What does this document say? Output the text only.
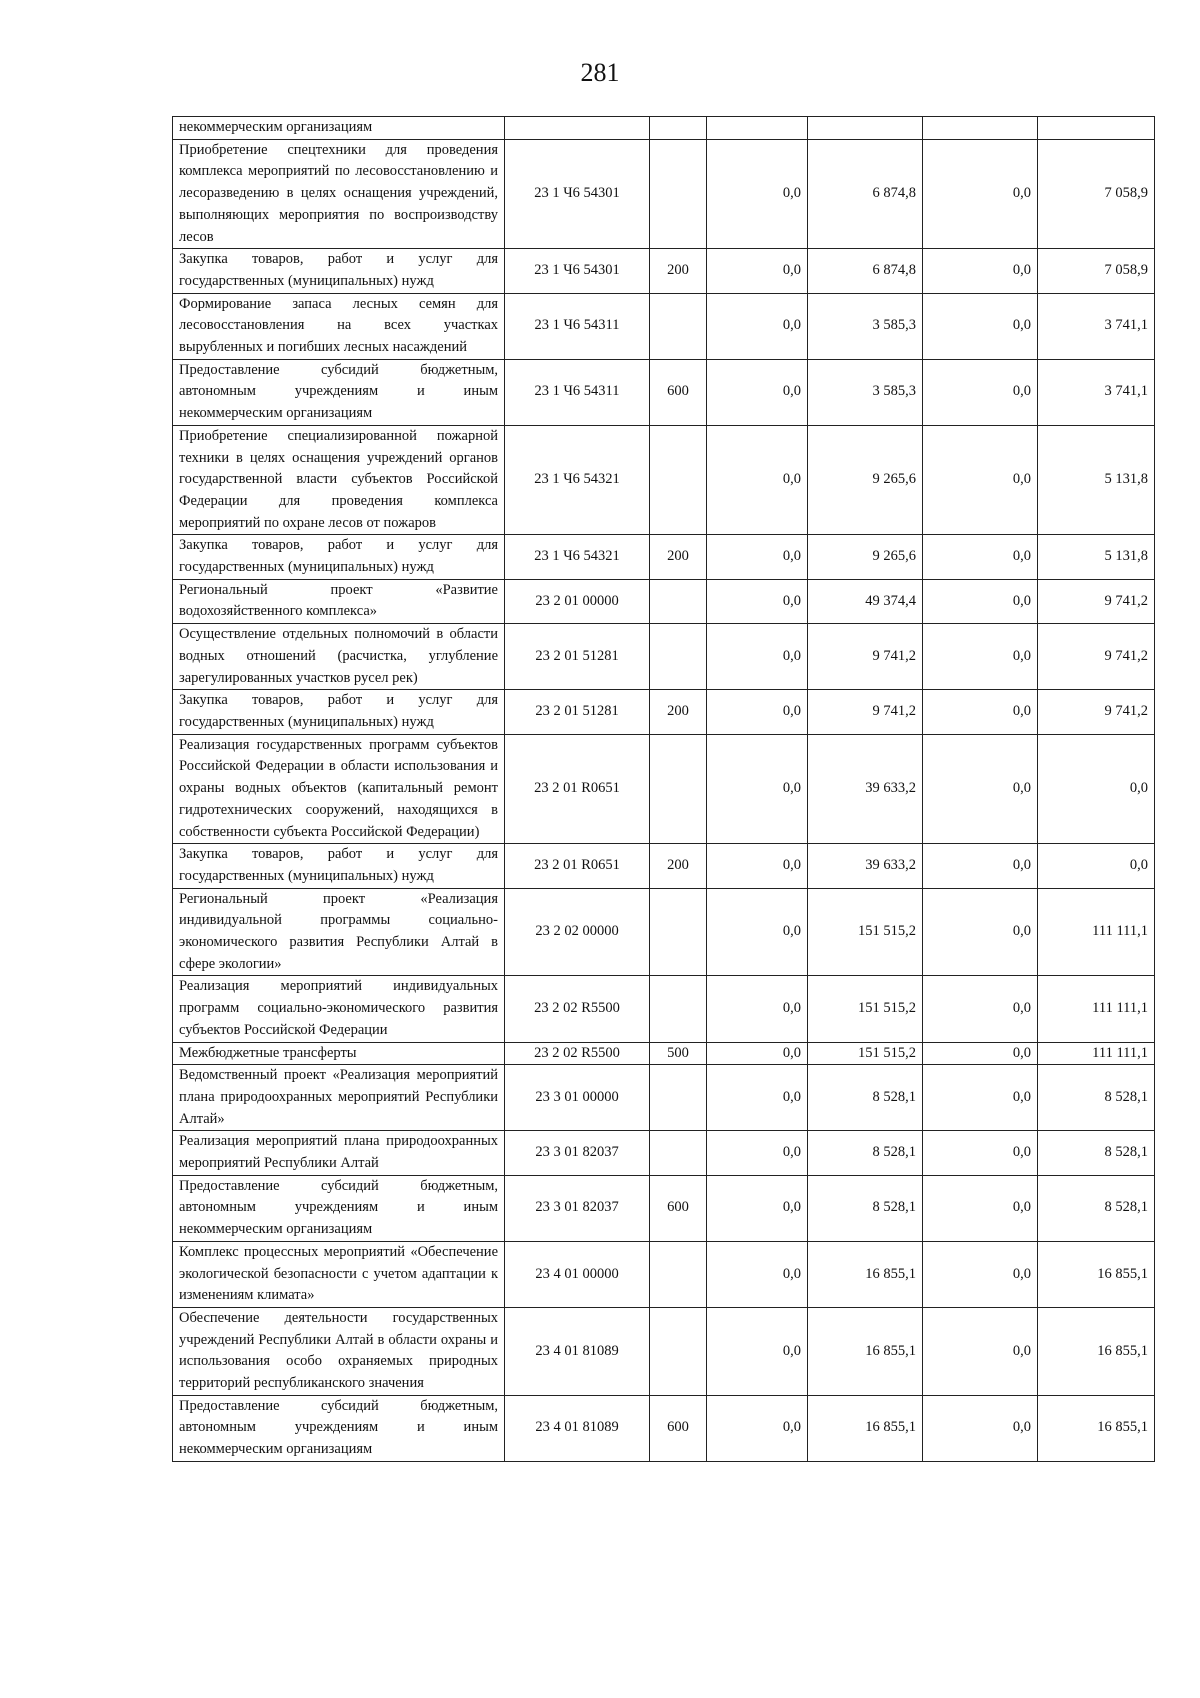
281
некоммерческим организациям						
Приобретение спецтехники для проведения комплекса мероприятий по лесовосстановлению и лесоразведению в целях оснащения учреждений, выполняющих мероприятия по воспроизводству лесов	23 1 Ч6 54301		0,0	6 874,8	0,0	7 058,9
Закупка товаров, работ и услуг для государственных (муниципальных) нужд	23 1 Ч6 54301	200	0,0	6 874,8	0,0	7 058,9
Формирование запаса лесных семян для лесовосстановления на всех участках вырубленных и погибших лесных насаждений	23 1 Ч6 54311		0,0	3 585,3	0,0	3 741,1
Предоставление субсидий бюджетным, автономным учреждениям и иным некоммерческим организациям	23 1 Ч6 54311	600	0,0	3 585,3	0,0	3 741,1
Приобретение специализированной пожарной техники в целях оснащения учреждений органов государственной власти субъектов Российской Федерации для проведения комплекса мероприятий по охране лесов от пожаров	23 1 Ч6 54321		0,0	9 265,6	0,0	5 131,8
Закупка товаров, работ и услуг для государственных (муниципальных) нужд	23 1 Ч6 54321	200	0,0	9 265,6	0,0	5 131,8
Региональный проект «Развитие водохозяйственного комплекса»	23 2 01 00000		0,0	49 374,4	0,0	9 741,2
Осуществление отдельных полномочий в области водных отношений (расчистка, углубление зарегулированных участков русел рек)	23 2 01 51281		0,0	9 741,2	0,0	9 741,2
Закупка товаров, работ и услуг для государственных (муниципальных) нужд	23 2 01 51281	200	0,0	9 741,2	0,0	9 741,2
Реализация государственных программ субъектов Российской Федерации в области использования и охраны водных объектов (капитальный ремонт гидротехнических сооружений, находящихся в собственности субъекта Российской Федерации)	23 2 01 R0651		0,0	39 633,2	0,0	0,0
Закупка товаров, работ и услуг для государственных (муниципальных) нужд	23 2 01 R0651	200	0,0	39 633,2	0,0	0,0
Региональный проект «Реализация индивидуальной программы социально-экономического развития Республики Алтай в сфере экологии»	23 2 02 00000		0,0	151 515,2	0,0	111 111,1
Реализация мероприятий индивидуальных программ социально-экономического развития субъектов Российской Федерации	23 2 02 R5500		0,0	151 515,2	0,0	111 111,1
Межбюджетные трансферты	23 2 02 R5500	500	0,0	151 515,2	0,0	111 111,1
Ведомственный проект «Реализация мероприятий плана природоохранных мероприятий Республики Алтай»	23 3 01 00000		0,0	8 528,1	0,0	8 528,1
Реализация мероприятий плана природоохранных мероприятий Республики Алтай	23 3 01 82037		0,0	8 528,1	0,0	8 528,1
Предоставление субсидий бюджетным, автономным учреждениям и иным некоммерческим организациям	23 3 01 82037	600	0,0	8 528,1	0,0	8 528,1
Комплекс процессных мероприятий «Обеспечение экологической безопасности с учетом адаптации к изменениям климата»	23 4 01 00000		0,0	16 855,1	0,0	16 855,1
Обеспечение деятельности государственных учреждений Республики Алтай в области охраны и использования особо охраняемых природных территорий республиканского значения	23 4 01 81089		0,0	16 855,1	0,0	16 855,1
Предоставление субсидий бюджетным, автономным учреждениям и иным некоммерческим организациям	23 4 01 81089	600	0,0	16 855,1	0,0	16 855,1
